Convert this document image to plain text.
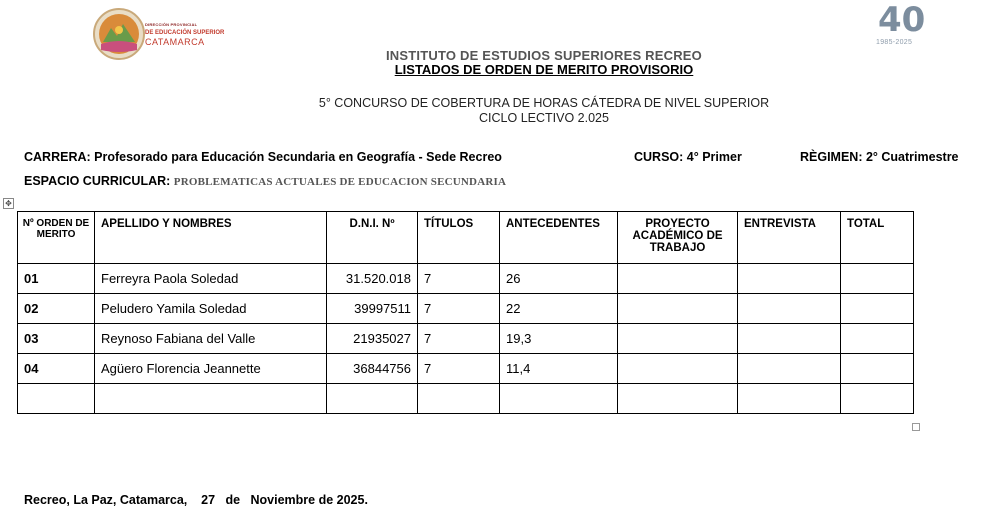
DIRECCIÓN PROVINCIAL
DE EDUCACIÓN SUPERIOR
CATAMARCA
40
1985-2025
INSTITUTO DE ESTUDIOS SUPERIORES RECREO
LISTADOS DE ORDEN DE MERITO PROVISORIO
5° CONCURSO DE COBERTURA DE HORAS CÁTEDRA DE NIVEL SUPERIOR
CICLO LECTIVO 2.025
CARRERA: Profesorado para Educación Secundaria en Geografía - Sede Recreo	CURSO: 4° Primer	RÈGIMEN: 2° Cuatrimestre
ESPACIO CURRICULAR: PROBLEMATICAS ACTUALES DE EDUCACION SECUNDARIA
✥
Nº ORDEN DE MERITO	APELLIDO Y NOMBRES	D.N.I. Nº	TÍTULOS	ANTECEDENTES	PROYECTO ACADÉMICO DE TRABAJO	ENTREVISTA	TOTAL
01	Ferreyra Paola Soledad	31.520.018	7	26			
02	Peludero Yamila Soledad	39997511	7	22			
03	Reynoso Fabiana del Valle	21935027	7	19,3			
04	Agüero Florencia Jeannette	36844756	7	11,4			

Recreo, La Paz, Catamarca,    27   de   Noviembre de 2025.
